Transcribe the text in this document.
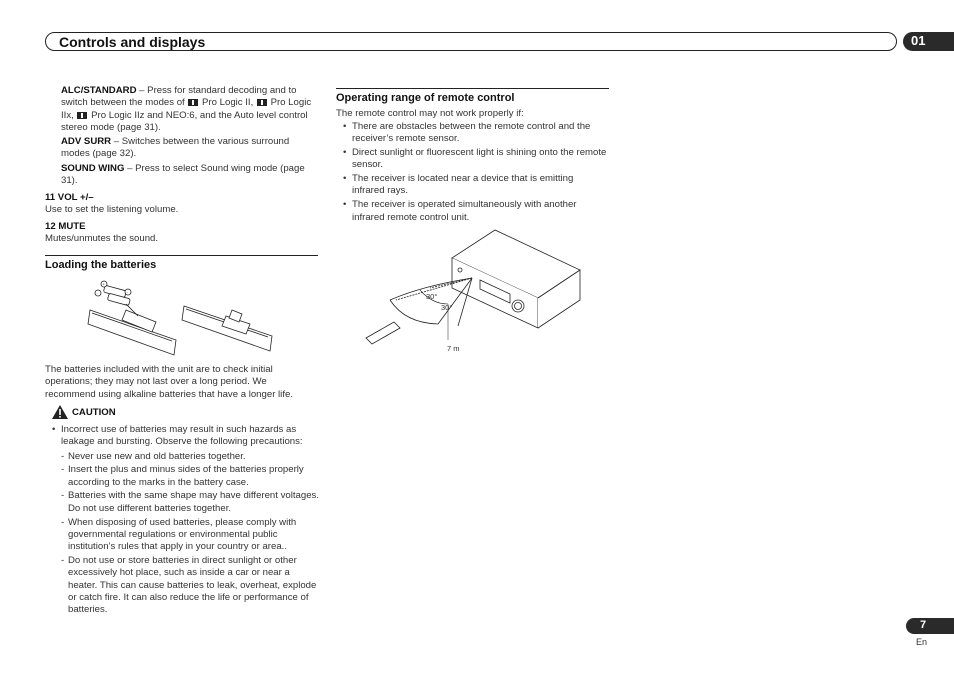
Controls and displays	01
ALC/STANDARD – Press for standard decoding and to switch between the modes of  Pro Logic II,  Pro Logic IIx,  Pro Logic IIz and NEO:6, and the Auto level control stereo mode (page 31).
ADV SURR – Switches between the various surround modes (page 32).
SOUND WING – Press to select Sound wing mode (page 31).
11 VOL +/–
Use to set the listening volume.
12 MUTE
Mutes/unmutes the sound.
Loading the batteries
-
+
-
The batteries included with the unit are to check initial operations; they may not last over a long period. We recommend using alkaline batteries that have a longer life.
CAUTION
• Incorrect use of batteries may result in such hazards as leakage and bursting. Observe the following precautions:
- Never use new and old batteries together.
- Insert the plus and minus sides of the batteries properly according to the marks in the battery case.
- Batteries with the same shape may have different voltages. Do not use different batteries together.
- When disposing of used batteries, please comply with governmental regulations or environmental public institution’s rules that apply in your country or area..
- Do not use or store batteries in direct sunlight or other excessively hot place, such as inside a car or near a heater. This can cause batteries to leak, overheat, explode or catch fire. It can also reduce the life or performance of batteries.
Operating range of remote control
The remote control may not work properly if:
• There are obstacles between the remote control and the receiver’s remote sensor.
• Direct sunlight or fluorescent light is shining onto the remote sensor.
• The receiver is located near a device that is emitting infrared rays.
• The receiver is operated simultaneously with another infrared remote control unit.
30°
30°
7 m
7
En
